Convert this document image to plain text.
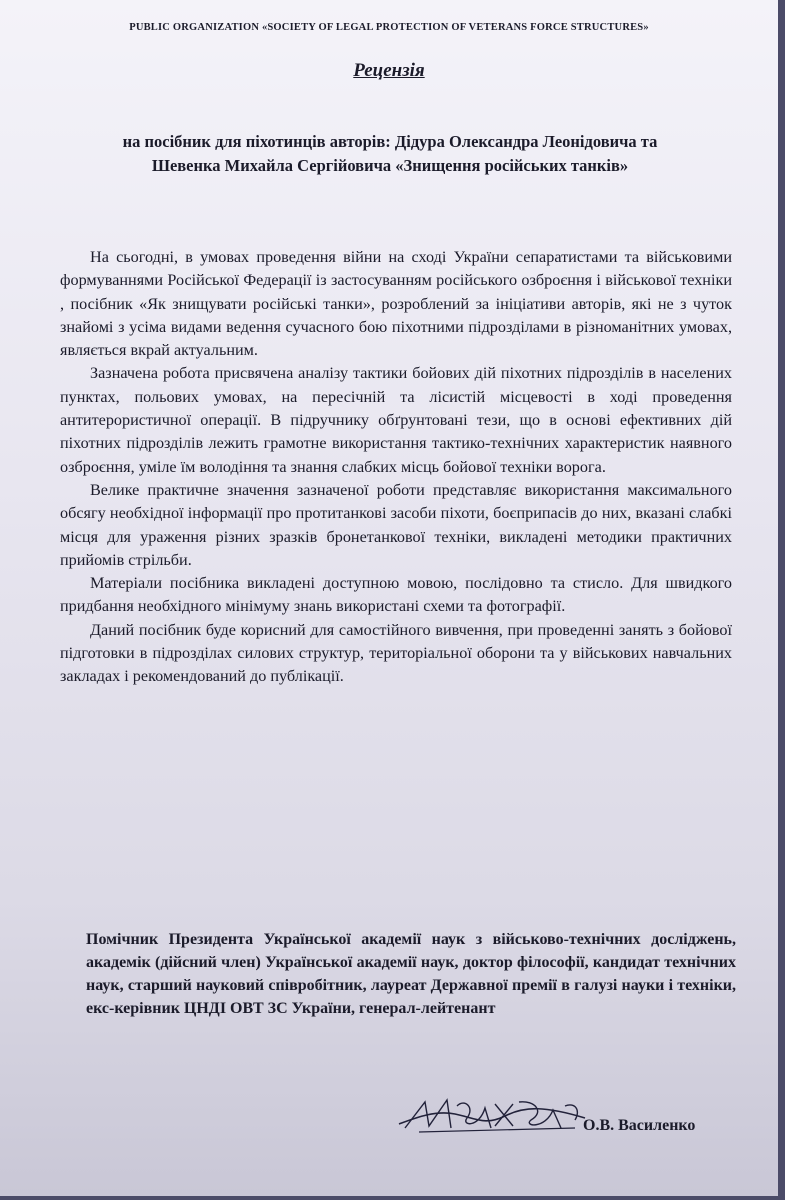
PUBLIC ORGANIZATION «SOCIETY OF LEGAL PROTECTION OF VETERANS FORCE STRUCTURES»
Рецензія
на посібник для піхотинців авторів: Дідура Олександра Леонідовича та
Шевенка Михайла Сергійовича «Знищення російських танків»

На сьогодні, в умовах проведення війни на сході України сепаратистами та військовими формуваннями Російської Федерації із застосуванням російського озброєння і військової техніки , посібник «Як знищувати російські танки», розроблений за ініціативи авторів, які не з чуток знайомі з усіма видами ведення сучасного бою піхотними підрозділами в різноманітних умовах, являється вкрай актуальним.

Зазначена робота присвячена аналізу тактики бойових дій піхотних підрозділів в населених пунктах, польових умовах, на пересічній та лісистій місцевості в ході проведення антитерористичної операції. В підручнику обґрунтовані тези, що в основі ефективних дій піхотних підрозділів лежить грамотне використання тактико-технічних характеристик наявного озброєння, уміле їм володіння та знання слабких місць бойової техніки ворога.

Велике практичне значення зазначеної роботи представляє використання максимального обсягу необхідної інформації про протитанкові засоби піхоти, боєприпасів до них, вказані слабкі місця для ураження різних зразків бронетанкової техніки, викладені методики практичних прийомів стрільби.

Матеріали посібника викладені доступною мовою, послідовно та стисло. Для швидкого придбання необхідного мінімуму знань використані схеми та фотографії.

Даний посібник буде корисний для самостійного вивчення, при проведенні занять з бойової підготовки в підрозділах силових структур, територіальної оборони та у військових навчальних закладах і рекомендований до публікації.

Помічник Президента Української академії наук з військово-технічних досліджень, академік (дійсний член) Української академії наук, доктор філософії, кандидат технічних наук, старший науковий співробітник, лауреат Державної премії в галузі науки і техніки, екс-керівник ЦНДІ ОВТ ЗС України, генерал-лейтенант
О.В. Василенко
